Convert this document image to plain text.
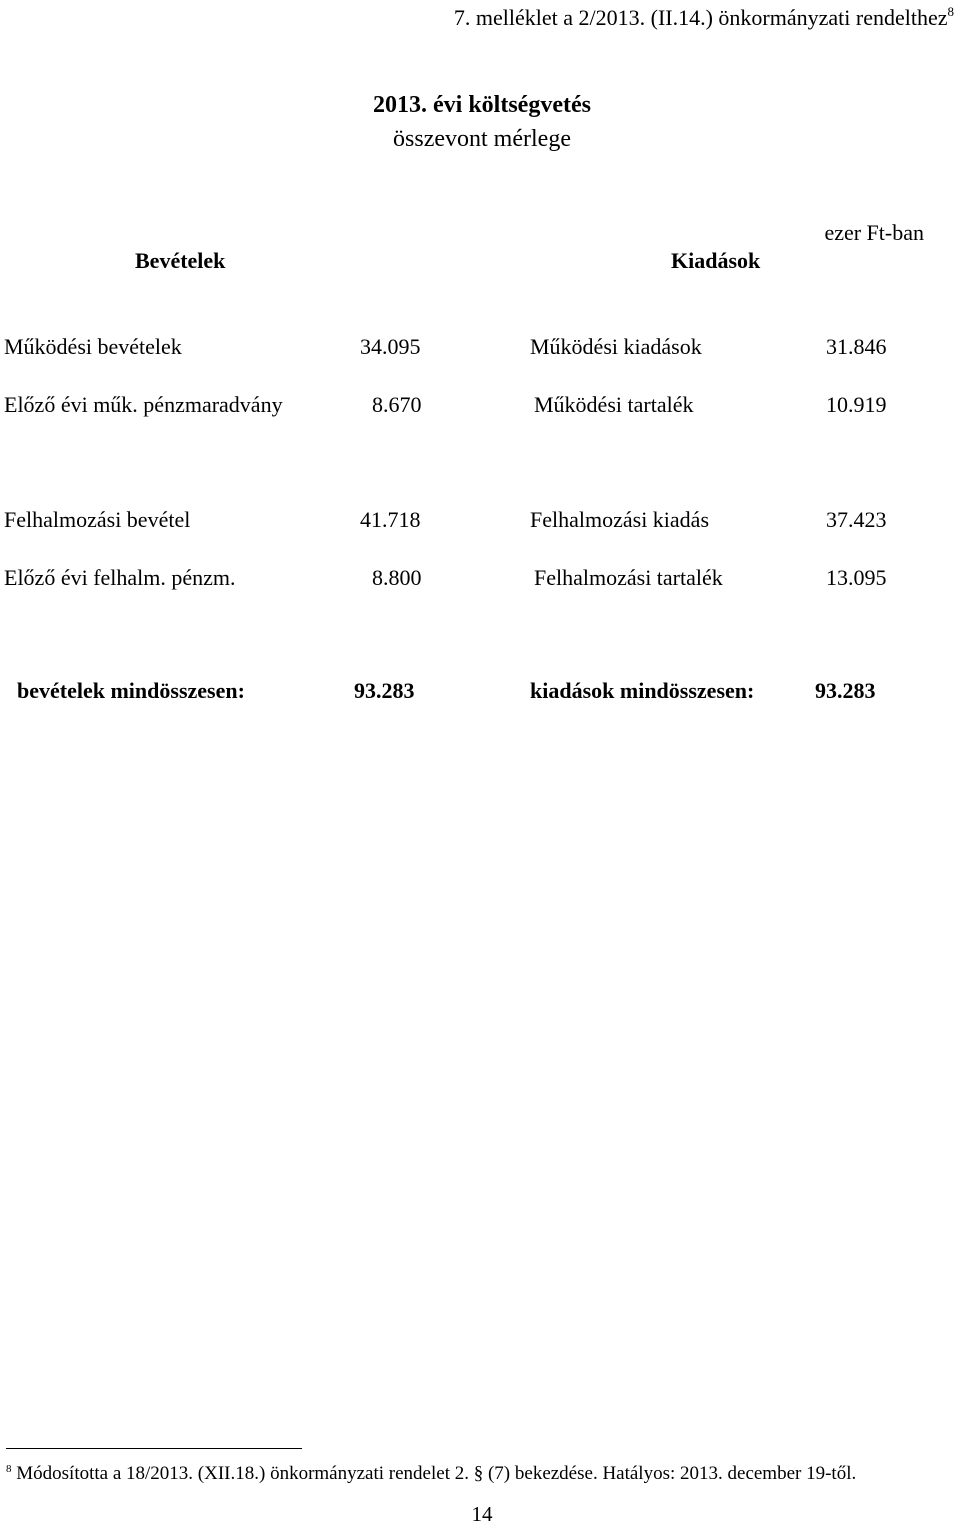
7. melléklet a 2/2013. (II.14.) önkormányzati rendelthez$^8$
2013. évi költségvetés
összevont mérlege
ezer Ft-ban
Bevételek	Kiadások
Működési bevételek	34.095	Működési kiadások	31.846
Előző évi műk. pénzmaradvány	8.670	Működési tartalék	10.919
Felhalmozási bevétel	41.718	Felhalmozási kiadás	37.423
Előző évi felhalm. pénzm.	8.800	Felhalmozási tartalék	13.095
bevételek mindösszesen:	93.283	kiadások mindösszesen:	93.283
$^8$ Módosította a 18/2013. (XII.18.) önkormányzati rendelet 2. § (7) bekezdése. Hatályos: 2013. december 19-től.
14
